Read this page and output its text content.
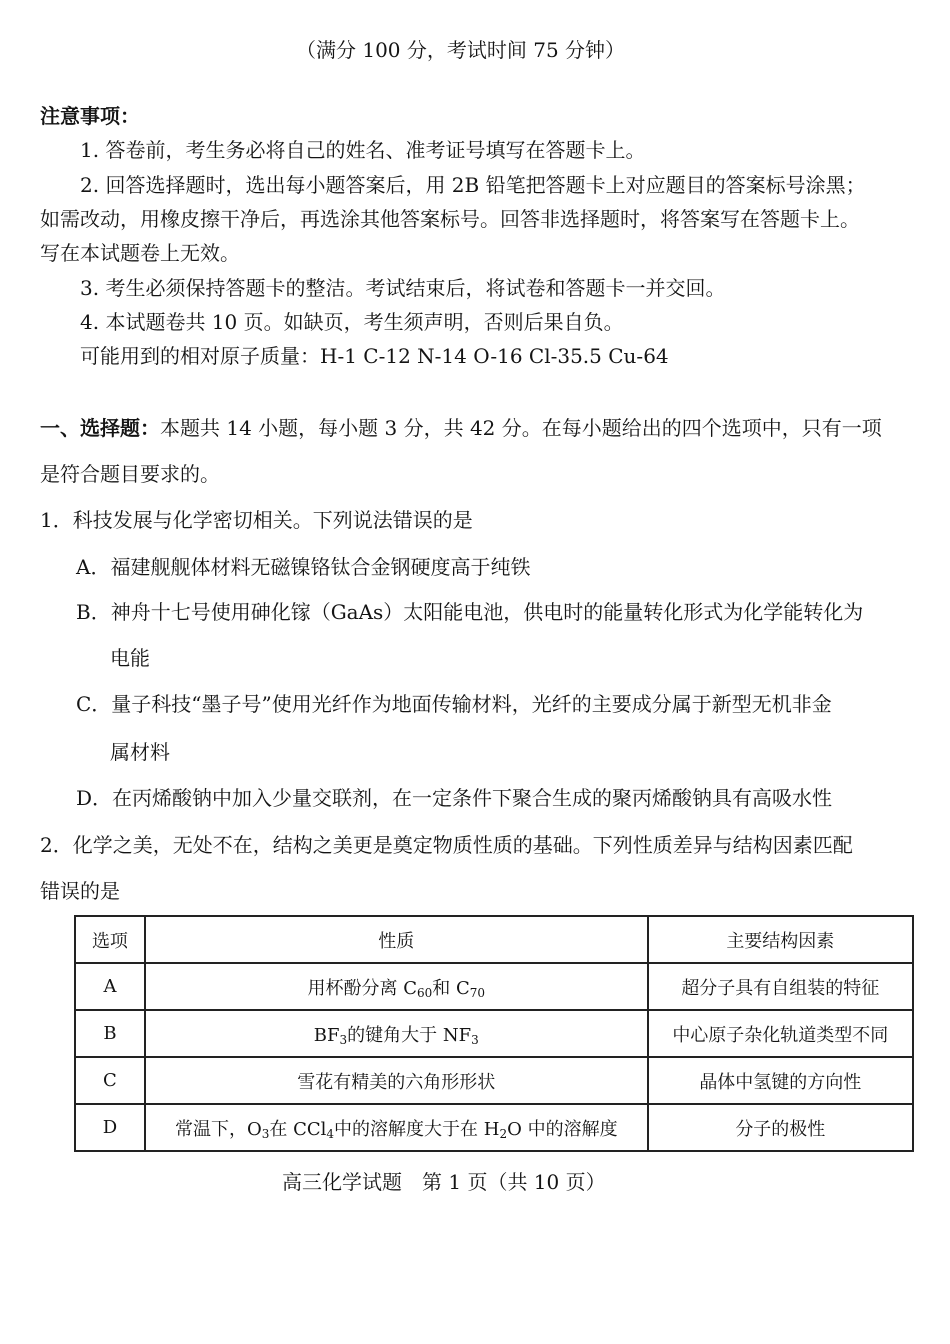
（满分 100 分，考试时间 75 分钟）
注意事项：
1. 答卷前，考生务必将自己的姓名、准考证号填写在答题卡上。
2. 回答选择题时，选出每小题答案后，用 2B 铅笔把答题卡上对应题目的答案标号涂黑；
如需改动，用橡皮擦干净后，再选涂其他答案标号。回答非选择题时，将答案写在答题卡上。
写在本试题卷上无效。
3. 考生必须保持答题卡的整洁。考试结束后，将试卷和答题卡一并交回。
4. 本试题卷共 10 页。如缺页，考生须声明，否则后果自负。
可能用到的相对原子质量：H-1 C-12 N-14 O-16 Cl-35.5 Cu-64
一、选择题：本题共 14 小题，每小题 3 分，共 42 分。在每小题给出的四个选项中，只有一项
是符合题目要求的。
1．科技发展与化学密切相关。下列说法错误的是
A．福建舰舰体材料无磁镍铬钛合金钢硬度高于纯铁
B．神舟十七号使用砷化镓（GaAs）太阳能电池，供电时的能量转化形式为化学能转化为
电能
C．量子科技“墨子号”使用光纤作为地面传输材料，光纤的主要成分属于新型无机非金
属材料
D．在丙烯酸钠中加入少量交联剂，在一定条件下聚合生成的聚丙烯酸钠具有高吸水性
2．化学之美，无处不在，结构之美更是奠定物质性质的基础。下列性质差异与结构因素匹配
错误的是
选项	性质	主要结构因素
A	用杯酚分离 $C_{60}$和 $C_{70}$	超分子具有自组装的特征
B	$BF_3$的键角大于 $NF_3$	中心原子杂化轨道类型不同
C	雪花有精美的六角形形状	晶体中氢键的方向性
D	常温下，$O_3$在 CCl$_4$中的溶解度大于在 $H_2O$ 中的溶解度	分子的极性
高三化学试题　第 1 页（共 10 页）
